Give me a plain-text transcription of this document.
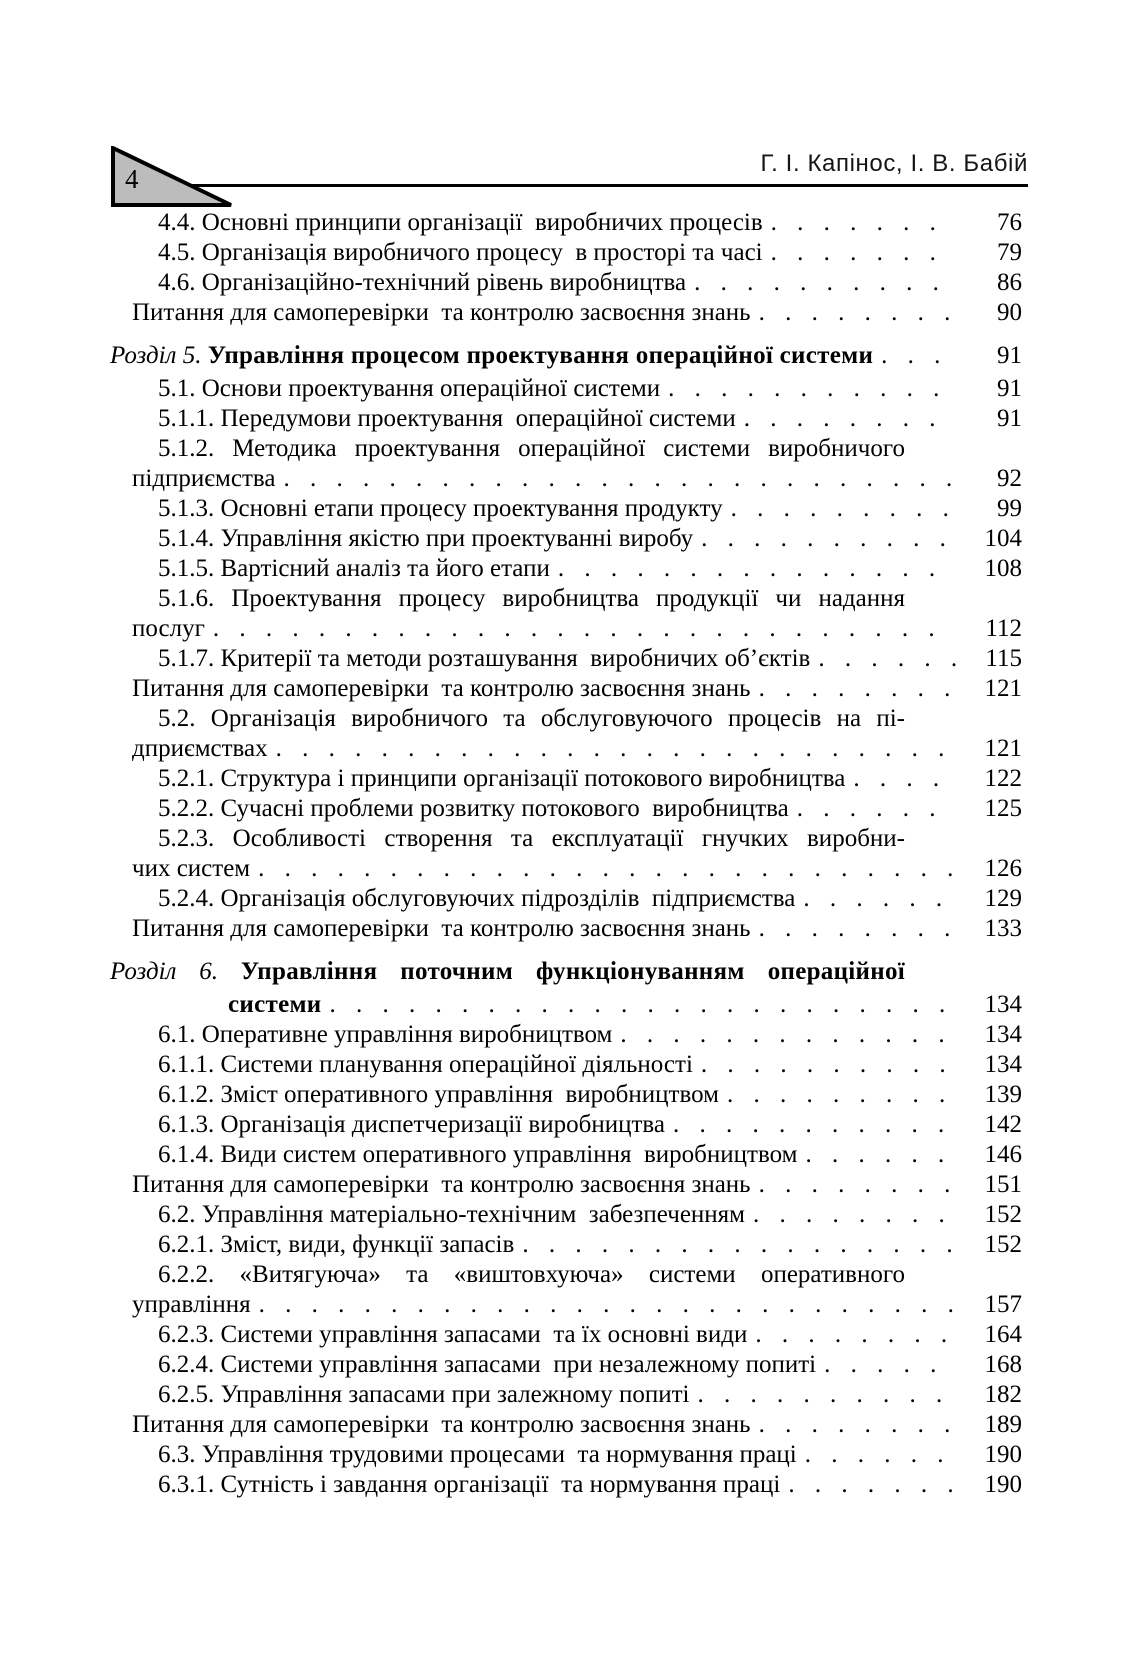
4
Г. І. Капінос, І. В. Бабій
4.4. Основні принципи організації  виробничих процесів . . .	76
4.5. Організація виробничого процесу  в просторі та часі . . .	79
4.6. Організаційно-технічний рівень виробництва . . .	86
Питання для самоперевірки  та контролю засвоєння знань . . .	90
Розділ 5. Управління процесом проектування операційної системи . . .	91
5.1. Основи проектування операційної системи . . .	91
5.1.1. Передумови проектування  операційної системи . . .	91
5.1.2. Методика проектування операційної системи виробничого
підприємства . . .	92
5.1.3. Основні етапи процесу проектування продукту . . .	99
5.1.4. Управління якістю при проектуванні виробу . . .	104
5.1.5. Вартісний аналіз та його етапи . . .	108
5.1.6. Проектування процесу виробництва продукції чи надання
послуг . . .	112
5.1.7. Критерії та методи розташування  виробничих об’єктів . . .	115
Питання для самоперевірки  та контролю засвоєння знань . . .	121
5.2. Організація виробничого та обслуговуючого процесів на пі-
дприємствах . . .	121
5.2.1. Структура і принципи організації потокового виробництва . . .	122
5.2.2. Сучасні проблеми розвитку потокового  виробництва . . .	125
5.2.3. Особливості створення та експлуатації гнучких виробни-
чих систем . . .	126
5.2.4. Організація обслуговуючих підрозділів  підприємства . . .	129
Питання для самоперевірки  та контролю засвоєння знань . . .	133
Розділ 6. Управління поточним функціонуванням операційної
системи . . .	134
6.1. Оперативне управління виробництвом . . .	134
6.1.1. Системи планування операційної діяльності . . .	134
6.1.2. Зміст оперативного управління  виробництвом . . .	139
6.1.3. Організація диспетчеризації виробництва . . .	142
6.1.4. Види систем оперативного управління  виробництвом . . .	146
Питання для самоперевірки  та контролю засвоєння знань . . .	151
6.2. Управління матеріально-технічним  забезпеченням . . .	152
6.2.1. Зміст, види, функції запасів . . .	152
6.2.2. «Витягуюча» та «виштовхуюча» системи оперативного
управління . . .	157
6.2.3. Системи управління запасами  та їх основні види . . .	164
6.2.4. Системи управління запасами  при незалежному попиті . . .	168
6.2.5. Управління запасами при залежному попиті . . .	182
Питання для самоперевірки  та контролю засвоєння знань . . .	189
6.3. Управління трудовими процесами  та нормування праці . . .	190
6.3.1. Сутність і завдання організації  та нормування праці . . .	190
